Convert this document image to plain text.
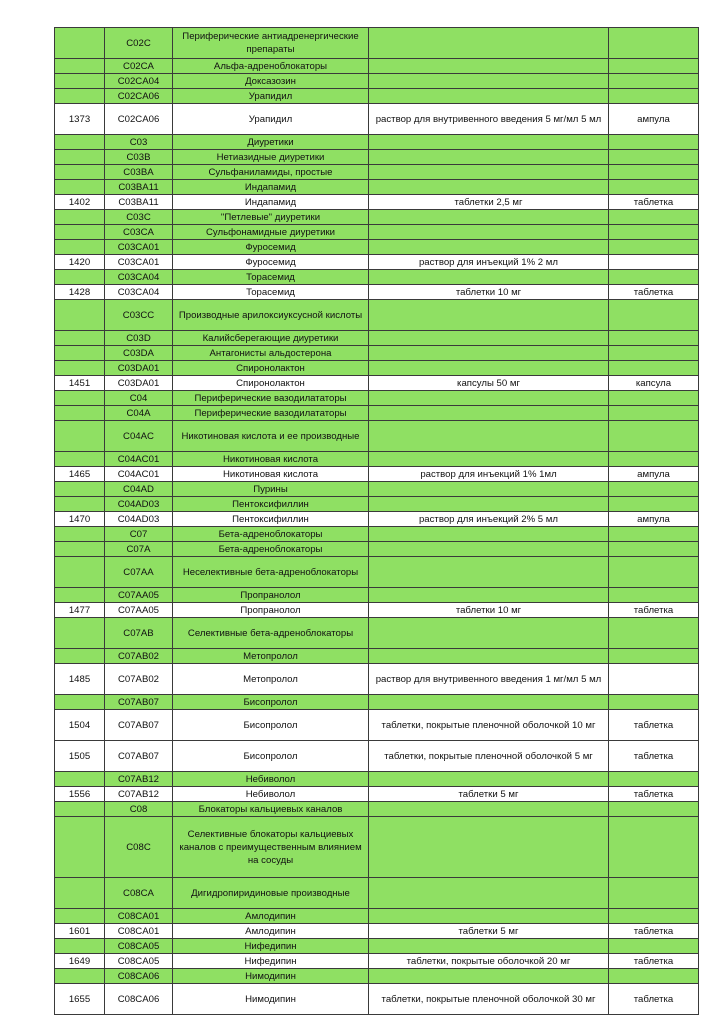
	C02C	Периферические антиадренергические препараты		
	C02CA	Альфа-адреноблокаторы		
	C02CA04	Доксазозин		
	C02CA06	Урапидил		
1373	C02CA06	Урапидил	раствор для внутривенного введения 5 мг/мл 5 мл	ампула
	C03	Диуретики		
	C03B	Нетиазидные диуретики		
	C03BA	Сульфаниламиды, простые		
	C03BA11	Индапамид		
1402	C03BA11	Индапамид	таблетки 2,5 мг	таблетка
	C03C	"Петлевые" диуретики		
	C03CA	Сульфонамидные диуретики		
	C03CA01	Фуросемид		
1420	C03CA01	Фуросемид	раствор для инъекций 1% 2 мл	
	C03CA04	Торасемид		
1428	C03CA04	Торасемид	таблетки 10 мг	таблетка
	C03CC	Производные арилоксиуксусной кислоты		
	C03D	Калийсберегающие диуретики		
	C03DA	Антагонисты альдостерона		
	C03DA01	Спиронолактон		
1451	C03DA01	Спиронолактон	капсулы 50 мг	капсула
	C04	Периферические вазодилататоры		
	C04A	Периферические вазодилататоры		
	C04AC	Никотиновая кислота и ее производные		
	C04AC01	Никотиновая кислота		
1465	C04AC01	Никотиновая кислота	раствор для инъекций 1% 1мл	ампула
	C04AD	Пурины		
	C04AD03	Пентоксифиллин		
1470	C04AD03	Пентоксифиллин	раствор для инъекций 2% 5 мл	ампула
	C07	Бета-адреноблокаторы		
	C07A	Бета-адреноблокаторы		
	C07AA	Неселективные бета-адреноблокаторы		
	C07AA05	Пропранолол		
1477	C07AA05	Пропранолол	таблетки 10 мг	таблетка
	C07AB	Селективные бета-адреноблокаторы		
	C07AB02	Метопролол		
1485	C07AB02	Метопролол	раствор для внутривенного введения 1 мг/мл 5 мл	
	C07AB07	Бисопролол		
1504	C07AB07	Бисопролол	таблетки, покрытые пленочной оболочкой 10 мг	таблетка
1505	C07AB07	Бисопролол	таблетки, покрытые пленочной оболочкой 5 мг	таблетка
	C07AB12	Небиволол		
1556	C07AB12	Небиволол	таблетки 5 мг	таблетка
	C08	Блокаторы кальциевых каналов		
	C08C	Селективные блокаторы кальциевых каналов с преимущественным влиянием на сосуды		
	C08CA	Дигидропиридиновые производные		
	C08CA01	Амлодипин		
1601	C08CA01	Амлодипин	таблетки 5 мг	таблетка
	C08CA05	Нифедипин		
1649	C08CA05	Нифедипин	таблетки, покрытые оболочкой 20 мг	таблетка
	C08CA06	Нимодипин		
1655	C08CA06	Нимодипин	таблетки, покрытые пленочной оболочкой 30 мг	таблетка
